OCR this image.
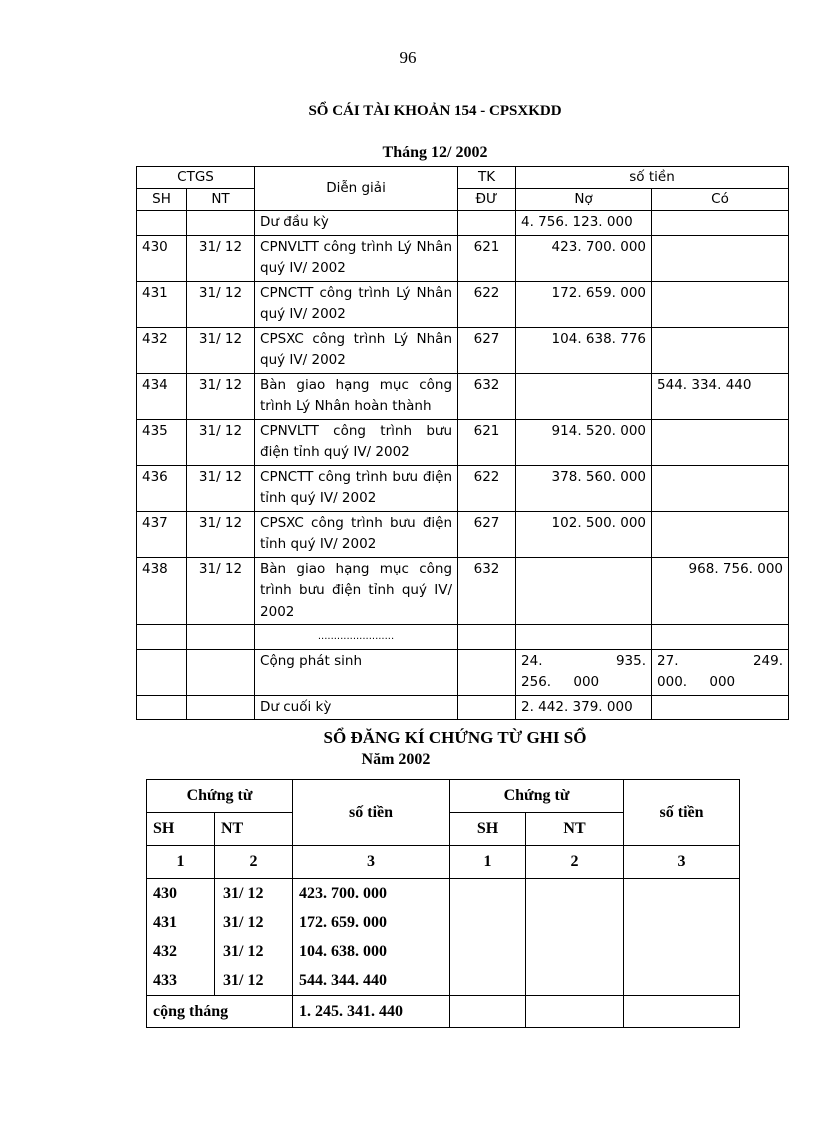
96
SỔ CÁI TÀI KHOẢN 154 - CPSXKDD
Tháng 12/ 2002
CTGS		Diễn giải	TK	số tiền	
SH	NT		ĐƯ	Nợ	Có
		Dư đầu kỳ		4. 756. 123. 000	
430	31/ 12	CPNVLTT công trình Lý Nhân quý IV/ 2002	621	423. 700. 000	
431	31/ 12	CPNCTT công trình Lý Nhân quý IV/ 2002	622	172. 659. 000	
432	31/ 12	CPSXC công trình Lý Nhân quý IV/ 2002	627	104. 638. 776	
434	31/ 12	Bàn giao hạng mục công trình Lý Nhân hoàn thành	632		544. 334. 440
435	31/ 12	CPNVLTT công trình bưu điện tỉnh quý IV/ 2002	621	914. 520. 000	
436	31/ 12	CPNCTT công trình bưu điện tỉnh quý IV/ 2002	622	378. 560. 000	
437	31/ 12	CPSXC công trình bưu điện tỉnh quý IV/ 2002	627	102. 500. 000	
438	31/ 12	Bàn giao hạng mục công trình bưu điện tỉnh quý IV/ 2002	632		968. 756. 000
		........................			
		Cộng phát sinh		24. 935. 256. 000	27. 249. 000. 000
		Dư cuối kỳ		2. 442. 379. 000	
SỔ ĐĂNG KÍ CHỨNG TỪ GHI SỔ
Năm 2002
Chứng từ		số tiền	Chứng từ		số tiền
SH	NT		SH	NT	
1	2	3	1	2	3
430	31/ 12	423. 700. 000			
431	31/ 12	172. 659. 000			
432	31/ 12	104. 638. 000			
433	31/ 12	544. 344. 440			
cộng tháng		1. 245. 341. 440			
